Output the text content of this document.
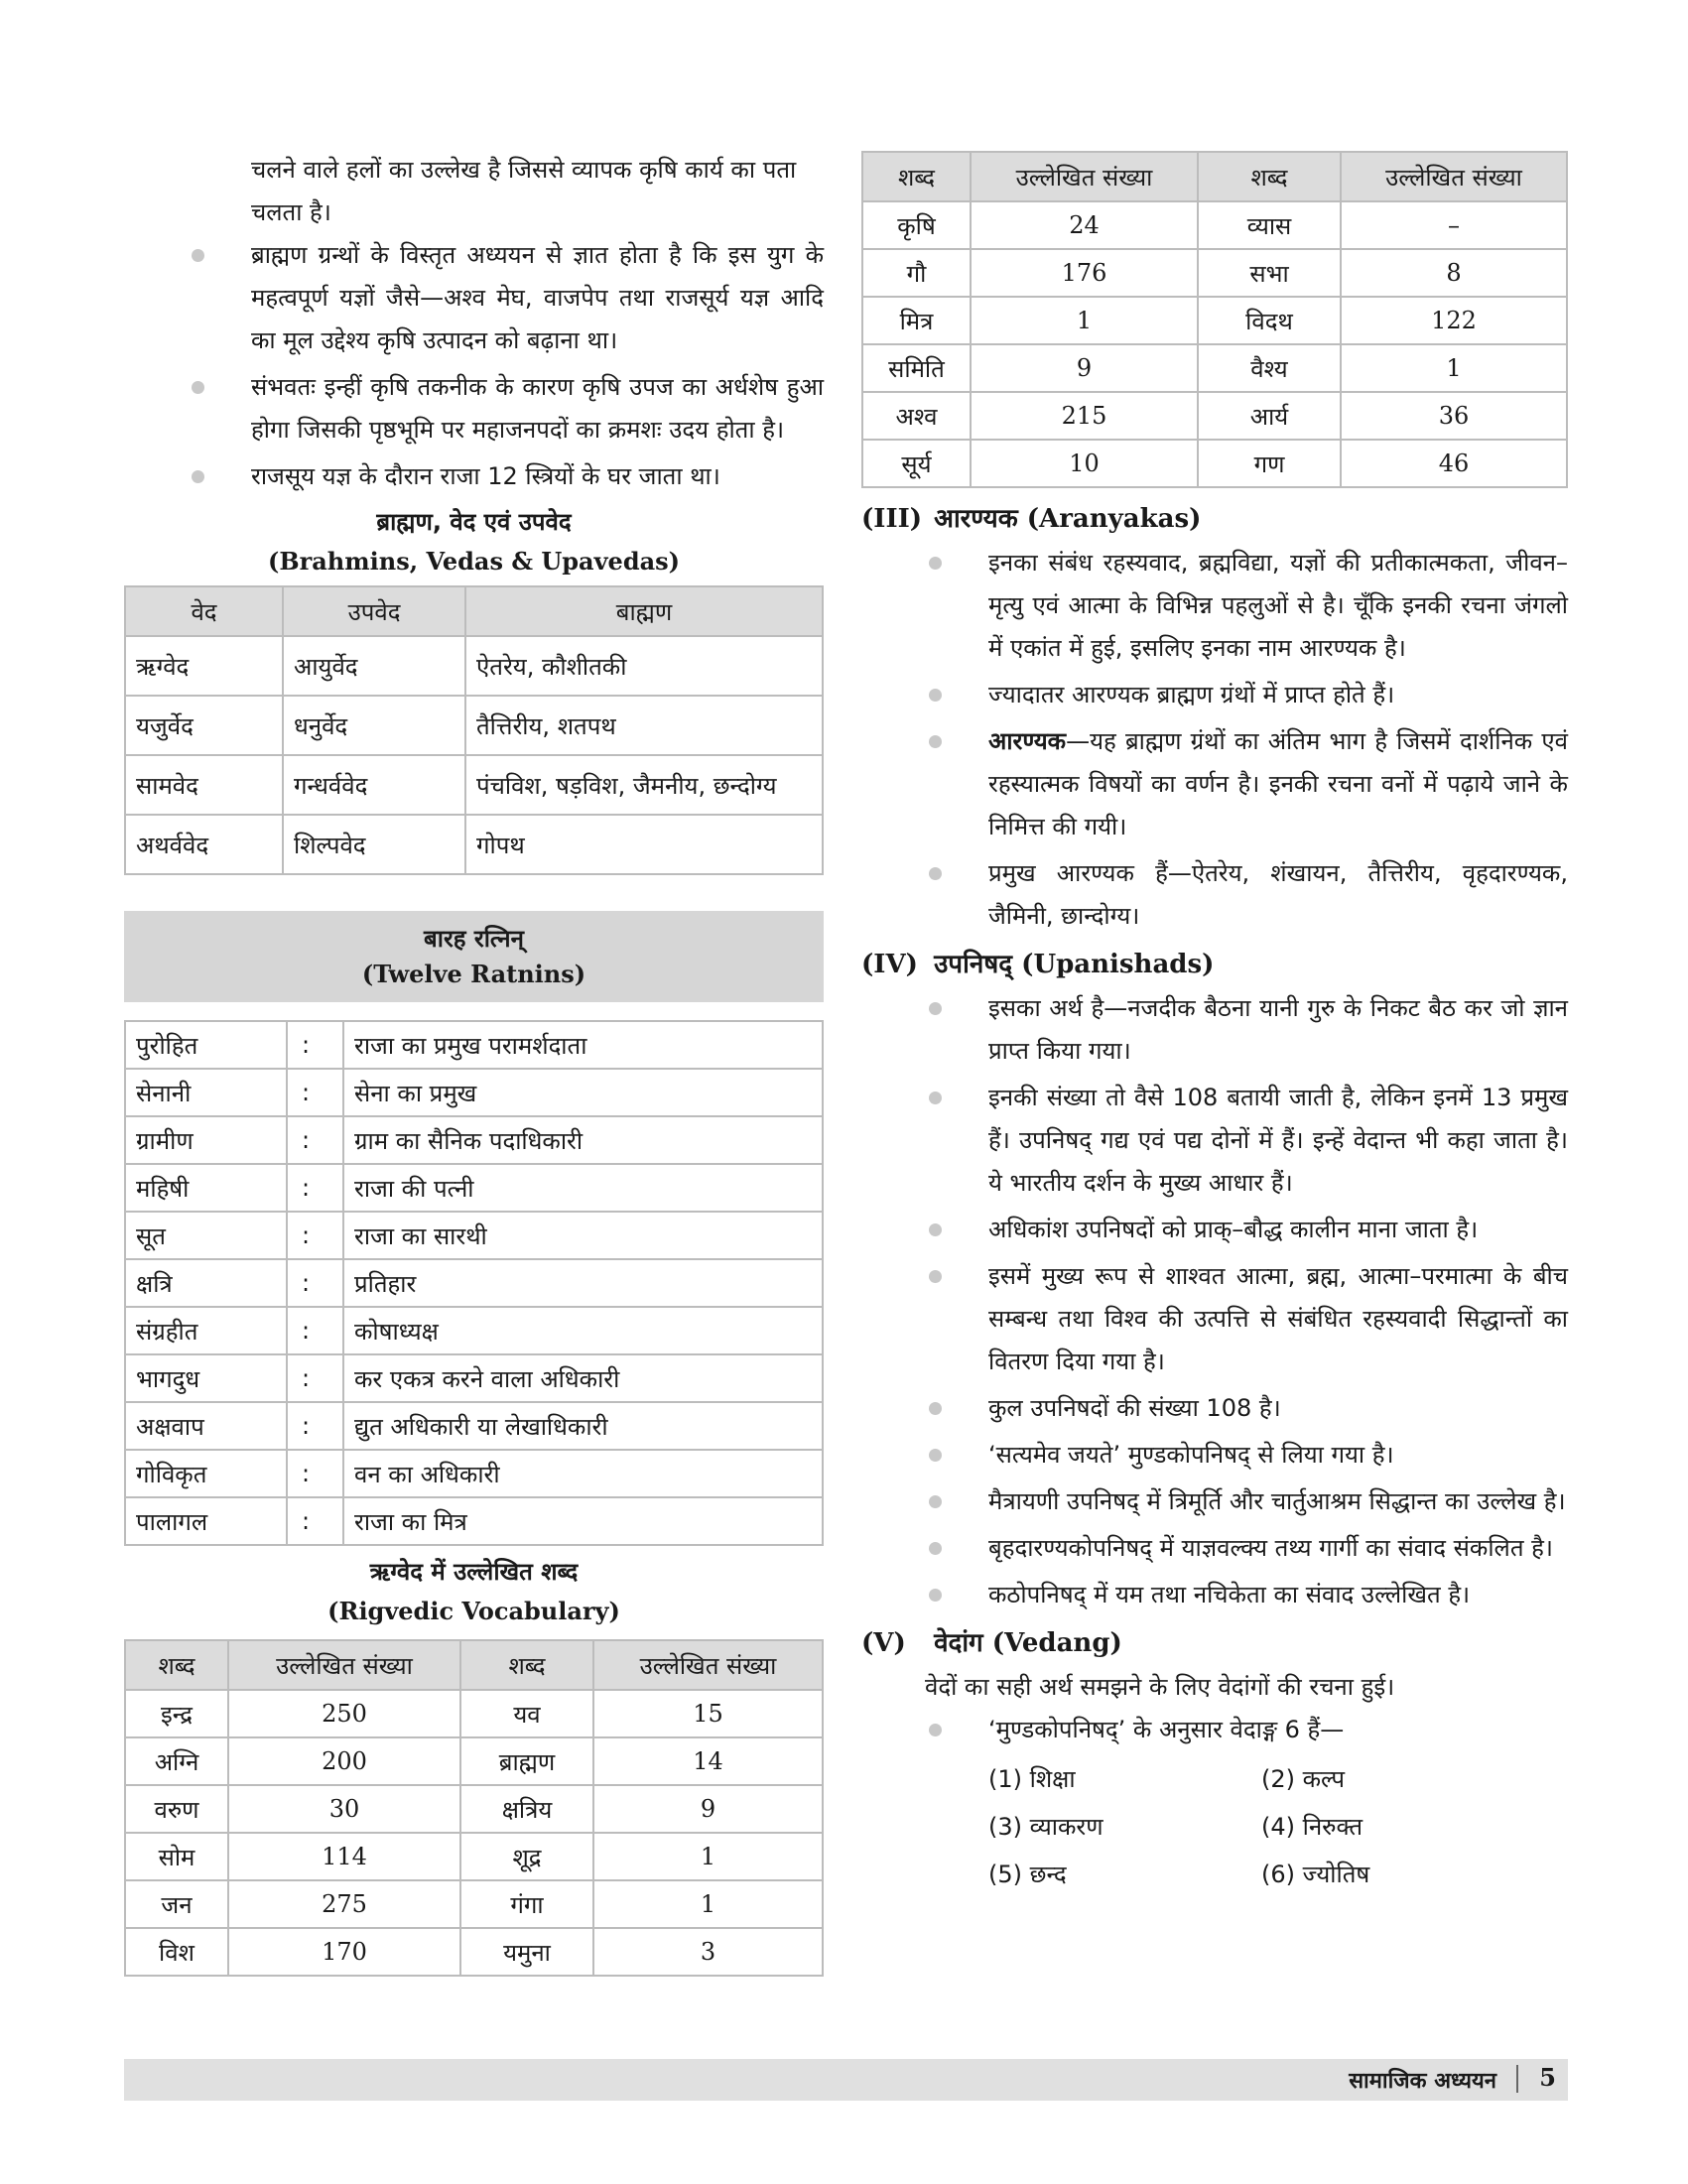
चलने वाले हलों का उल्लेख है जिससे व्यापक कृषि कार्य का पता चलता है।

ब्राह्मण ग्रन्थों के विस्तृत अध्ययन से ज्ञात होता है कि इस युग के महत्वपूर्ण यज्ञों जैसे—अश्व मेघ, वाजपेप तथा राजसूर्य यज्ञ आदि का मूल उद्देश्य कृषि उत्पादन को बढ़ाना था।
संभवतः इन्हीं कृषि तकनीक के कारण कृषि उपज का अर्धशेष हुआ होगा जिसकी पृष्ठभूमि पर महाजनपदों का क्रमशः उदय होता है।
राजसूय यज्ञ के दौरान राजा 12 स्त्रियों के घर जाता था।

ब्राह्मण, वेद एवं उपवेद

(Brahmins, Vedas & Upavedas)

वेद	उपवेद	बाह्मण
ऋग्वेद	आयुर्वेद	ऐतरेय, कौशीतकी
यजुर्वेद	धनुर्वेद	तैत्तिरीय, शतपथ
सामवेद	गन्धर्ववेद	पंचविश, षड़विश, जैमनीय, छन्दोग्य
अथर्ववेद	शिल्पवेद	गोपथ

बारह रत्निन्

(Twelve Ratnins)

पुरोहित	:	राजा का प्रमुख परामर्शदाता
सेनानी	:	सेना का प्रमुख
ग्रामीण	:	ग्राम का सैनिक पदाधिकारी
महिषी	:	राजा की पत्नी
सूत	:	राजा का सारथी
क्षत्रि	:	प्रतिहार
संग्रहीत	:	कोषाध्यक्ष
भागदुध	:	कर एकत्र करने वाला अधिकारी
अक्षवाप	:	द्युत अधिकारी या लेखाधिकारी
गोविकृत	:	वन का अधिकारी
पालागल	:	राजा का मित्र

ऋग्वेद में उल्लेखित शब्द

(Rigvedic Vocabulary)

शब्द	उल्लेखित संख्या	शब्द	उल्लेखित संख्या
इन्द्र	250	यव	15
अग्नि	200	ब्राह्मण	14
वरुण	30	क्षत्रिय	9
सोम	114	शूद्र	1
जन	275	गंगा	1
विश	170	यमुना	3
शब्द	उल्लेखित संख्या	शब्द	उल्लेखित संख्या
कृषि	24	व्यास	–
गौ	176	सभा	8
मित्र	1	विदथ	122
समिति	9	वैश्य	1
अश्व	215	आर्य	36
सूर्य	10	गण	46
(III) आरण्यक (Aranyakas)
इनका संबंध रहस्यवाद, ब्रह्मविद्या, यज्ञों की प्रतीकात्मकता, जीवन–मृत्यु एवं आत्मा के विभिन्न पहलुओं से है। चूँकि इनकी रचना जंगलो में एकांत में हुई, इसलिए इनका नाम आरण्यक है।
ज्यादातर आरण्यक ब्राह्मण ग्रंथों में प्राप्त होते हैं।
आरण्यक—यह ब्राह्मण ग्रंथों का अंतिम भाग है जिसमें दार्शनिक एवं रहस्यात्मक विषयों का वर्णन है। इनकी रचना वनों में पढ़ाये जाने के निमित्त की गयी।
प्रमुख आरण्यक हैं—ऐतरेय, शंखायन, तैत्तिरीय, वृहदारण्यक, जैमिनी, छान्दोग्य।
(IV) उपनिषद् (Upanishads)
इसका अर्थ है—नजदीक बैठना यानी गुरु के निकट बैठ कर जो ज्ञान प्राप्त किया गया।
इनकी संख्या तो वैसे 108 बतायी जाती है, लेकिन इनमें 13 प्रमुख हैं। उपनिषद् गद्य एवं पद्य दोनों में हैं। इन्हें वेदान्त भी कहा जाता है। ये भारतीय दर्शन के मुख्य आधार हैं।
अधिकांश उपनिषदों को प्राक्–बौद्ध कालीन माना जाता है।
इसमें मुख्य रूप से शाश्वत आत्मा, ब्रह्म, आत्मा–परमात्मा के बीच सम्बन्ध तथा विश्व की उत्पत्ति से संबंधित रहस्यवादी सिद्धान्तों का वितरण दिया गया है।
कुल उपनिषदों की संख्या 108 है।
‘सत्यमेव जयते’ मुण्डकोपनिषद् से लिया गया है।
मैत्रायणी उपनिषद् में त्रिमूर्ति और चार्तुआश्रम सिद्धान्त का उल्लेख है।
बृहदारण्यकोपनिषद् में याज्ञवल्क्य तथ्य गार्गी का संवाद संकलित है।
कठोपनिषद् में यम तथा नचिकेता का संवाद उल्लेखित है।
(V) वेदांग (Vedang)

वेदों का सही अर्थ समझने के लिए वेदांगों की रचना हुई।

‘मुण्डकोपनिषद्’ के अनुसार वेदाङ्ग 6 हैं—
(1) शिक्षा	(2) कल्प
(3) व्याकरण	(4) निरुक्त
(5) छन्द	(6) ज्योतिष
सामाजिक अध्ययन 5
